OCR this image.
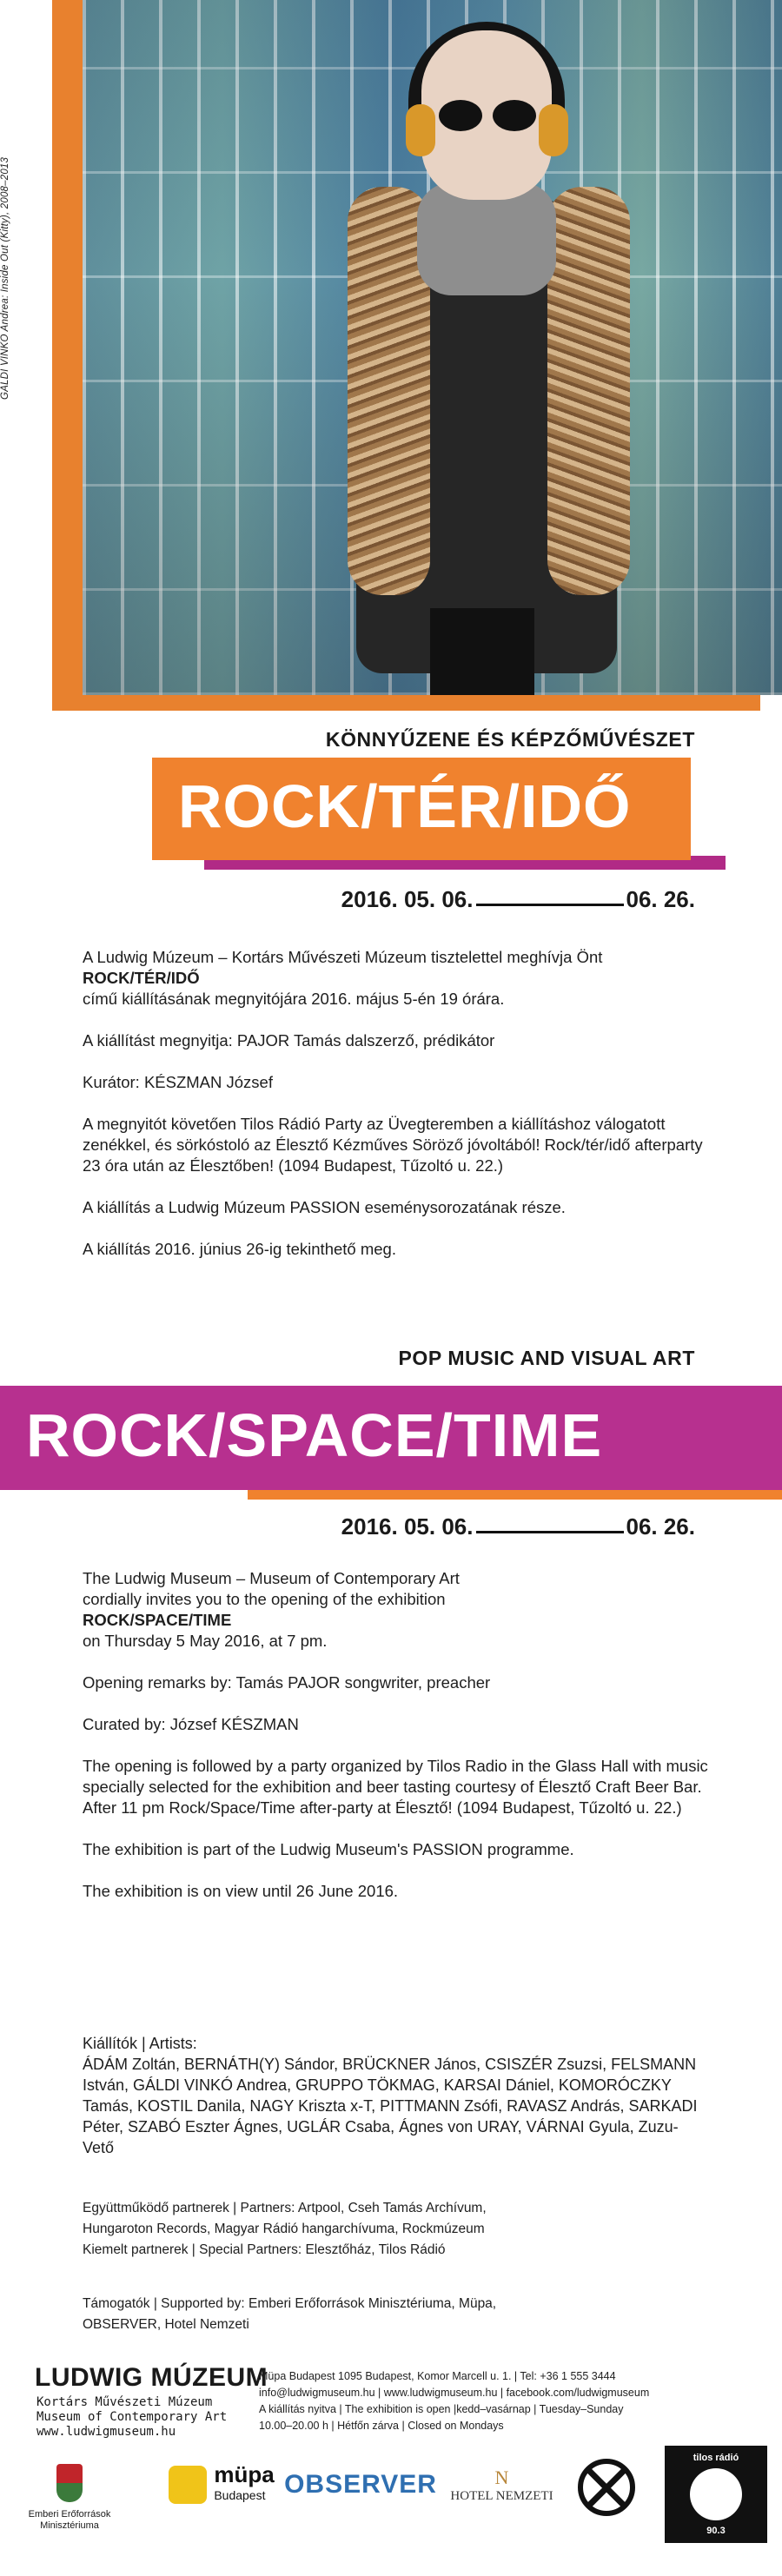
GÁLDI VINKÓ Andrea: Inside Out (Kitty), 2008–2013
KÖNNYŰZENE ÉS KÉPZŐMŰVÉSZET
ROCK/TÉR/IDŐ
2016. 05. 06.	06. 26.

A Ludwig Múzeum – Kortárs Művészeti Múzeum tisztelettel meghívja Önt
ROCK/TÉR/IDŐ
című kiállításának megnyitójára 2016. május 5-én 19 órára.

A kiállítást megnyitja: PAJOR Tamás dalszerző, prédikátor

Kurátor: KÉSZMAN József

A megnyitót követően Tilos Rádió Party az Üvegteremben a kiállításhoz válogatott zenékkel, és sörkóstoló az Élesztő Kézműves Söröző jóvoltából! Rock/tér/idő afterparty 23 óra után az Élesztőben! (1094 Budapest, Tűzoltó u. 22.)

A kiállítás a Ludwig Múzeum PASSION eseménysorozatának része.

A kiállítás 2016. június 26-ig tekinthető meg.

POP MUSIC AND VISUAL ART
ROCK/SPACE/TIME
2016. 05. 06.	06. 26.

The Ludwig Museum – Museum of Contemporary Art
cordially invites you to the opening of the exhibition
ROCK/SPACE/TIME
on Thursday 5 May 2016, at 7 pm.

Opening remarks by: Tamás PAJOR songwriter, preacher

Curated by: József KÉSZMAN

The opening is followed by a party organized by Tilos Radio in the Glass Hall with music specially selected for the exhibition and beer tasting courtesy of Élesztő Craft Beer Bar. After 11 pm Rock/Space/Time after-party at Élesztő! (1094 Budapest, Tűzoltó u. 22.)

The exhibition is part of the Ludwig Museum's PASSION programme.

The exhibition is on view until 26 June 2016.

Kiállítók | Artists:
ÁDÁM Zoltán, BERNÁTH(Y) Sándor, BRÜCKNER János, CSISZÉR Zsuzsi, FELSMANN István, GÁLDI VINKÓ Andrea, GRUPPO TÖKMAG, KARSAI Dániel, KOMORÓCZKY Tamás, KOSTIL Danila, NAGY Kriszta x-T, PITTMANN Zsófi, RAVASZ András, SARKADI Péter, SZABÓ Eszter Ágnes, UGLÁR Csaba, Ágnes von URAY, VÁRNAI Gyula, Zuzu-Vető
Együttműködő partnerek | Partners: Artpool, Cseh Tamás Archívum,
Hungaroton Records, Magyar Rádió hangarchívuma, Rockmúzeum
Kiemelt partnerek | Special Partners: Elesztőház, Tilos Rádió
Támogatók | Supported by: Emberi Erőforrások Minisztériuma, Müpa,
OBSERVER, Hotel Nemzeti
LUDWIG MÚZEUM
Kortárs Művészeti Múzeum
Museum of Contemporary Art
www.ludwigmuseum.hu
Müpa Budapest 1095 Budapest, Komor Marcell u. 1. | Tel: +36 1 555 3444
info@ludwigmuseum.hu | www.ludwigmuseum.hu | facebook.com/ludwigmuseum
A kiállítás nyitva | The exhibition is open |kedd–vasárnap | Tuesday–Sunday
10.00–20.00 h | Hétfőn zárva | Closed on Mondays
Emberi Erőforrások Minisztériuma
müpa
Budapest OBSERVER	N
HOTEL NEMZETI
tilos rádió
90.3
